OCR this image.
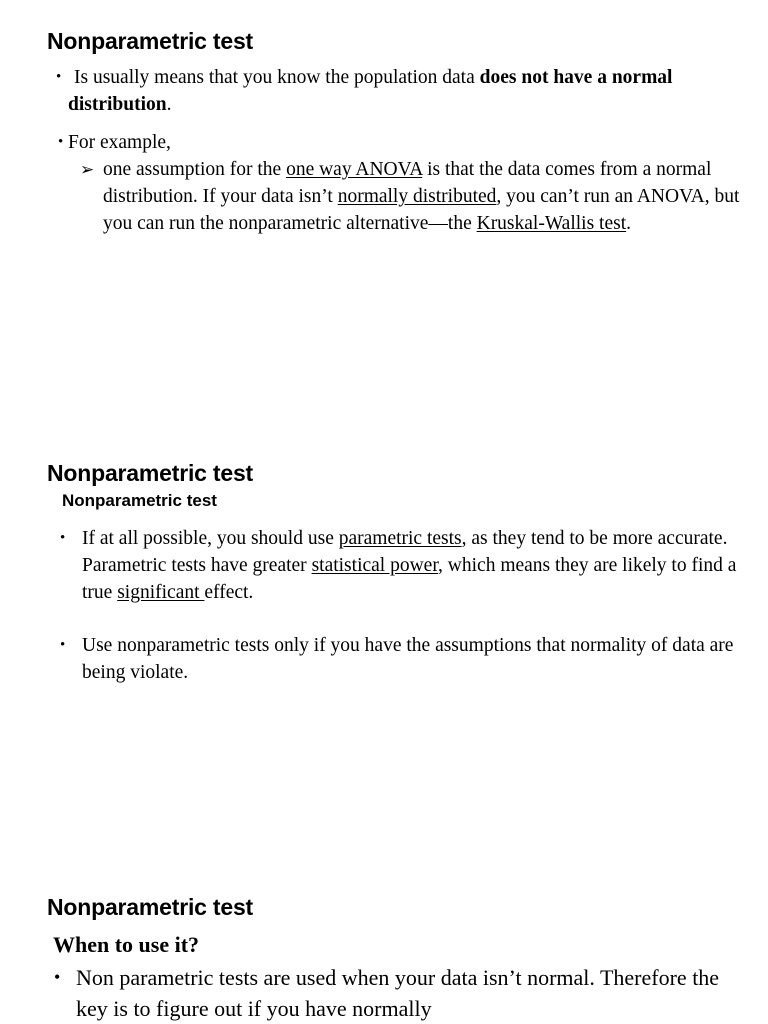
Nonparametric test

• Is usually means that you know the population data does not have a normal distribution.

• For example,

➢ one assumption for the one way ANOVA is that the data comes from a normal distribution. If your data isn’t normally distributed, you can’t run an ANOVA, but you can run the nonparametric alternative—the Kruskal-Wallis test.

Nonparametric test
Nonparametric test

• If at all possible, you should use parametric tests, as they tend to be more accurate. Parametric tests have greater statistical power, which means they are likely to find a true significant effect.

• Use nonparametric tests only if you have the assumptions that normality of data are being violate.

Nonparametric test
When to use it?

• Non parametric tests are used when your data isn’t normal. Therefore the key is to figure out if you have normally
